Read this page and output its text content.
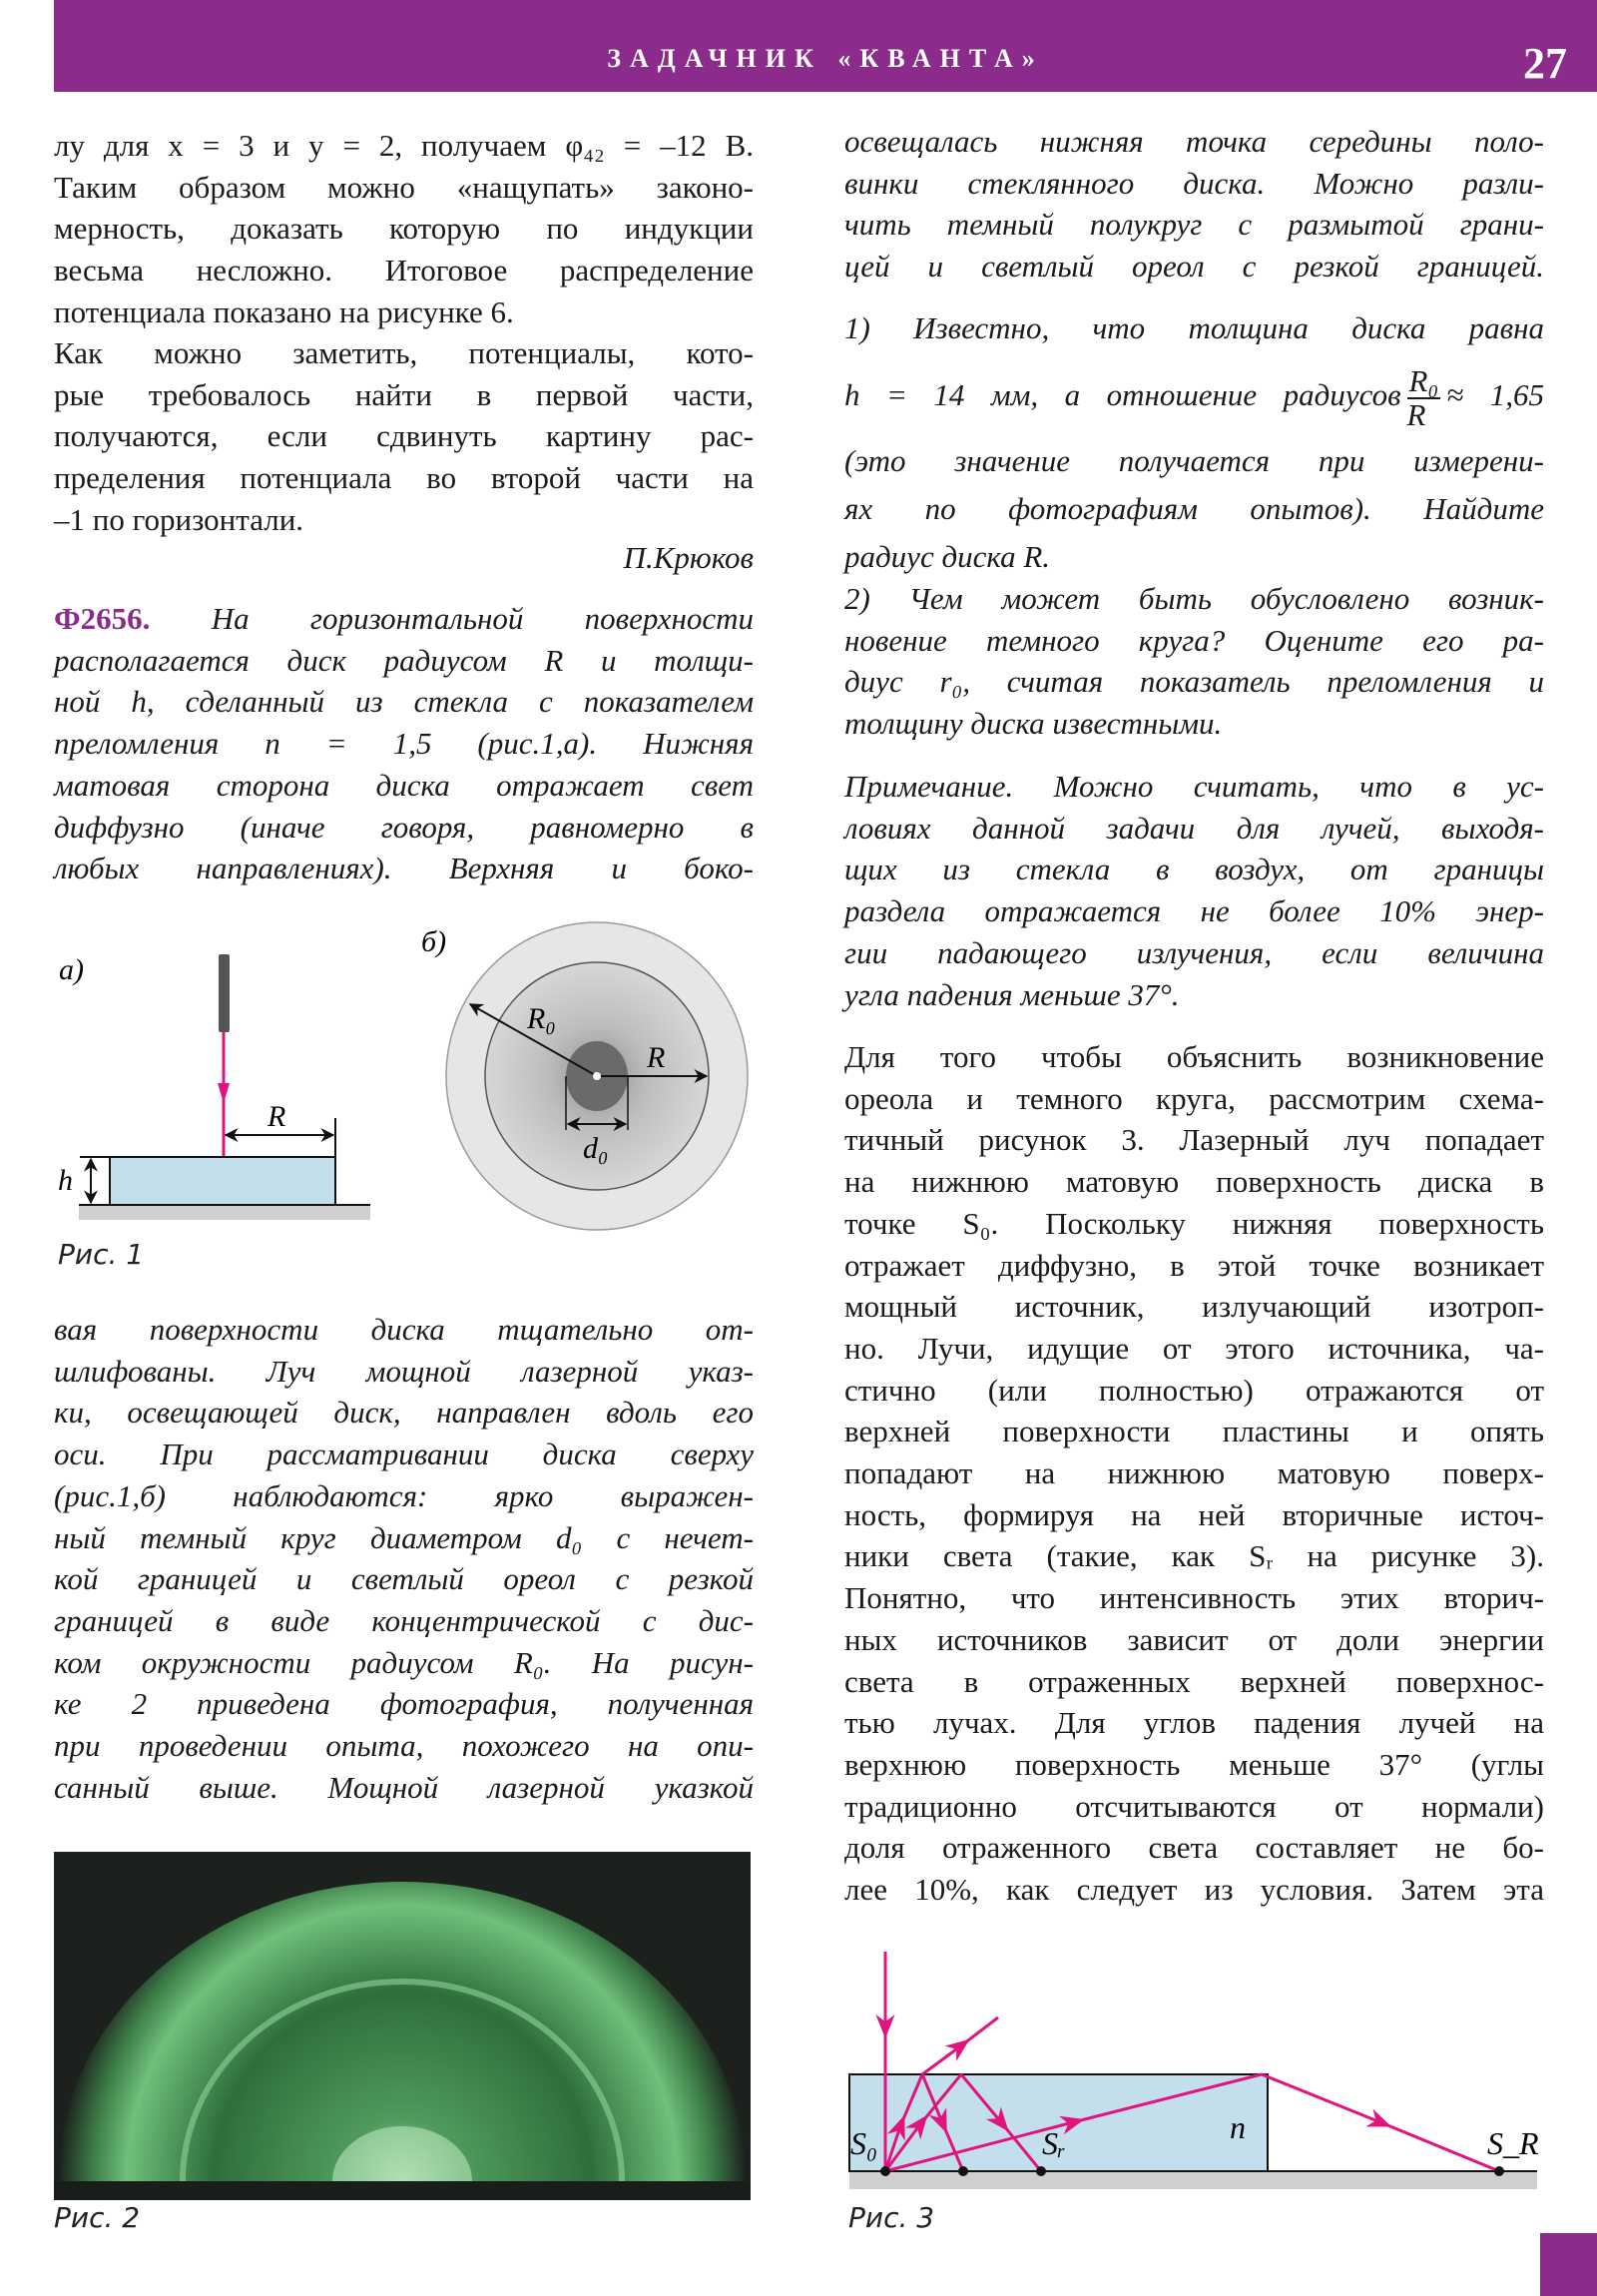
ЗАДАЧНИК «КВАНТА»	27
лу для x = 3 и y = 2, получаем φ₄₂ = –12 В.
Таким образом можно «нащупать» законо-
мерность, доказать которую по индукции
весьма несложно. Итоговое распределение
потенциала показано на рисунке 6.
Как можно заметить, потенциалы, кото-
рые требовалось найти в первой части,
получаются, если сдвинуть картину рас-
пределения потенциала во второй части на
–1 по горизонтали.
П.Крюков
Ф2656. На горизонтальной поверхности
располагается диск радиусом R и толщи-
ной h, сделанный из стекла с показателем
преломления n = 1,5 (рис.1,а). Нижняя
матовая сторона диска отражает свет
диффузно (иначе говоря, равномерно в
любых направлениях). Верхняя и боко-
а)
R
h
б)
R₀
R
d₀
Рис. 1
вая поверхности диска тщательно от-
шлифованы. Луч мощной лазерной указ-
ки, освещающей диск, направлен вдоль его
оси. При рассматривании диска сверху
(рис.1,б) наблюдаются: ярко выражен-
ный темный круг диаметром d₀ с нечет-
кой границей и светлый ореол с резкой
границей в виде концентрической с дис-
ком окружности радиусом R₀. На рисун-
ке 2 приведена фотография, полученная
при проведении опыта, похожего на опи-
санный выше. Мощной лазерной указкой
Рис. 2
освещалась нижняя точка середины поло-
винки стеклянного диска. Можно разли-
чить темный полукруг с размытой грани-
цей и светлый ореол с резкой границей.
1) Известно, что толщина диска равна
h = 14 мм, а отношение радиусов $\frac{\text{R₀}}{R} \approx 1,65$
(это значение получается при измерени-
ях по фотографиям опытов). Найдите
радиус диска R.
2) Чем может быть обусловлено возник-
новение темного круга? Оцените его ра-
диус r₀, считая показатель преломления и
толщину диска известными.
Примечание. Можно считать, что в ус-
ловиях данной задачи для лучей, выходя-
щих из стекла в воздух, от границы
раздела отражается не более 10% энер-
гии падающего излучения, если величина
угла падения меньше 37°.
Для того чтобы объяснить возникновение
ореола и темного круга, рассмотрим схема-
тичный рисунок 3. Лазерный луч попадает
на нижнюю матовую поверхность диска в
точке S₀. Поскольку нижняя поверхность
отражает диффузно, в этой точке возникает
мощный источник, излучающий изотроп-
но. Лучи, идущие от этого источника, ча-
стично (или полностью) отражаются от
верхней поверхности пластины и опять
попадают на нижнюю матовую поверх-
ность, формируя на ней вторичные источ-
ники света (такие, как Sᵣ на рисунке 3).
Понятно, что интенсивность этих вторич-
ных источников зависит от доли энергии
света в отраженных верхней поверхнос-
тью лучах. Для углов падения лучей на
верхнюю поверхность меньше 37° (углы
традиционно отсчитываются от нормали)
доля отраженного света составляет не бо-
лее 10%, как следует из условия. Затем эта
S₀	Sᵣ	n	S_R
Рис. 3
